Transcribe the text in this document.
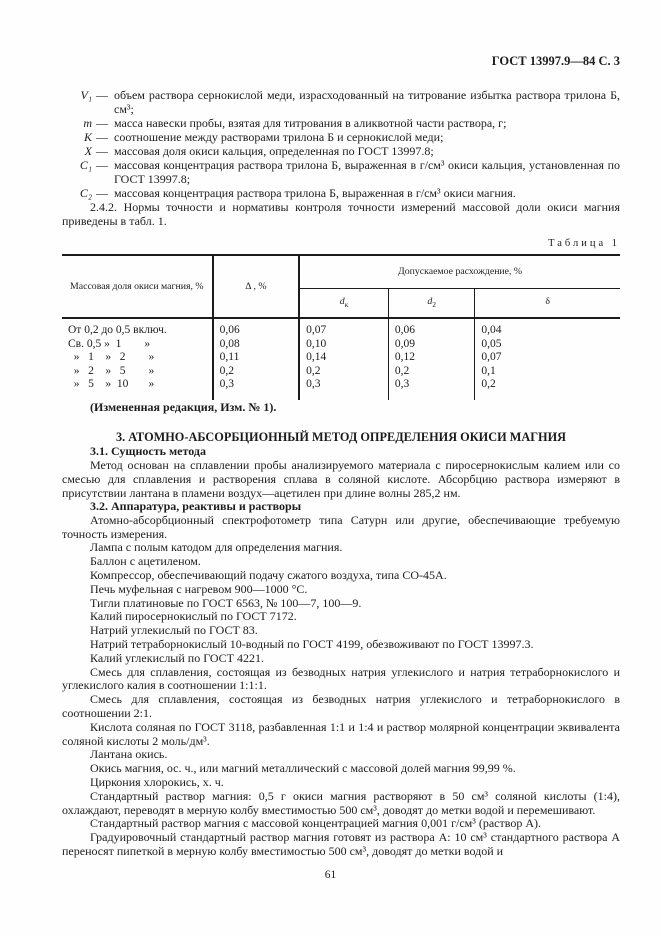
ГОСТ 13997.9—84 С. 3
V₁ — объем раствора сернокислой меди, израсходованный на титрование избытка раствора трилона Б, см³;
m — масса навески пробы, взятая для титрования в аликвотной части раствора, г;
K — соотношение между растворами трилона Б и сернокислой меди;
X — массовая доля окиси кальция, определенная по ГОСТ 13997.8;
C₁ — массовая концентрация раствора трилона Б, выраженная в г/см³ окиси кальция, установленная по ГОСТ 13997.8;
C₂ — массовая концентрация раствора трилона Б, выраженная в г/см³ окиси магния.

2.4.2. Нормы точности и нормативы контроля точности измерений массовой доли окиси магния приведены в табл. 1.

Таблица 1
Массовая доля окиси магния, %	Δ , %	Допускаемое расхождение, %		
		$d_к$	$d_2$	δ
От 0,2 до 0,5 включ.	0,06	0,07	0,06	0,04
Св. 0,5 »  1        »	0,08	0,10	0,09	0,05
»   1    »   2        »	0,11	0,14	0,12	0,07
»   2    »   5        »	0,2	0,2	0,2	0,1
»   5    »  10       »	0,3	0,3	0,3	0,2

(Измененная редакция, Изм. № 1).

3. АТОМНО-АБСОРБЦИОННЫЙ МЕТОД ОПРЕДЕЛЕНИЯ ОКИСИ МАГНИЯ

3.1. Сущность метода

Метод основан на сплавлении пробы анализируемого материала с пиросернокислым калием или со смесью для сплавления и растворения сплава в соляной кислоте. Абсорбцию раствора измеряют в присутствии лантана в пламени воздух—ацетилен при длине волны 285,2 нм.

3.2. Аппаратура, реактивы и растворы

Атомно-абсорбционный спектрофотометр типа Сатурн или другие, обеспечивающие требуемую точность измерения.

Лампа с полым катодом для определения магния.

Баллон с ацетиленом.

Компрессор, обеспечивающий подачу сжатого воздуха, типа СО-45А.

Печь муфельная с нагревом 900—1000 °С.

Тигли платиновые по ГОСТ 6563, № 100—7, 100—9.

Калий пиросернокислый по ГОСТ 7172.

Натрий углекислый по ГОСТ 83.

Натрий тетраборнокислый 10-водный по ГОСТ 4199, обезвоживают по ГОСТ 13997.3.

Калий углекислый по ГОСТ 4221.

Смесь для сплавления, состоящая из безводных натрия углекислого и натрия тетраборнокислого и углекислого калия в соотношении 1:1:1.

Смесь для сплавления, состоящая из безводных натрия углекислого и тетраборнокислого в соотношении 2:1.

Кислота соляная по ГОСТ 3118, разбавленная 1:1 и 1:4 и раствор молярной концентрации эквивалента соляной кислоты 2 моль/дм³.

Лантана окись.

Окись магния, ос. ч., или магний металлический с массовой долей магния 99,99 %.

Циркония хлорокись, х. ч.

Стандартный раствор магния: 0,5 г окиси магния растворяют в 50 см³ соляной кислоты (1:4), охлаждают, переводят в мерную колбу вместимостью 500 см³, доводят до метки водой и перемешивают.

Стандартный раствор магния с массовой концентрацией магния 0,001 г/см³ (раствор А).

Градуировочный стандартный раствор магния готовят из раствора А: 10 см³ стандартного раствора А переносят пипеткой в мерную колбу вместимостью 500 см³, доводят до метки водой и

61
